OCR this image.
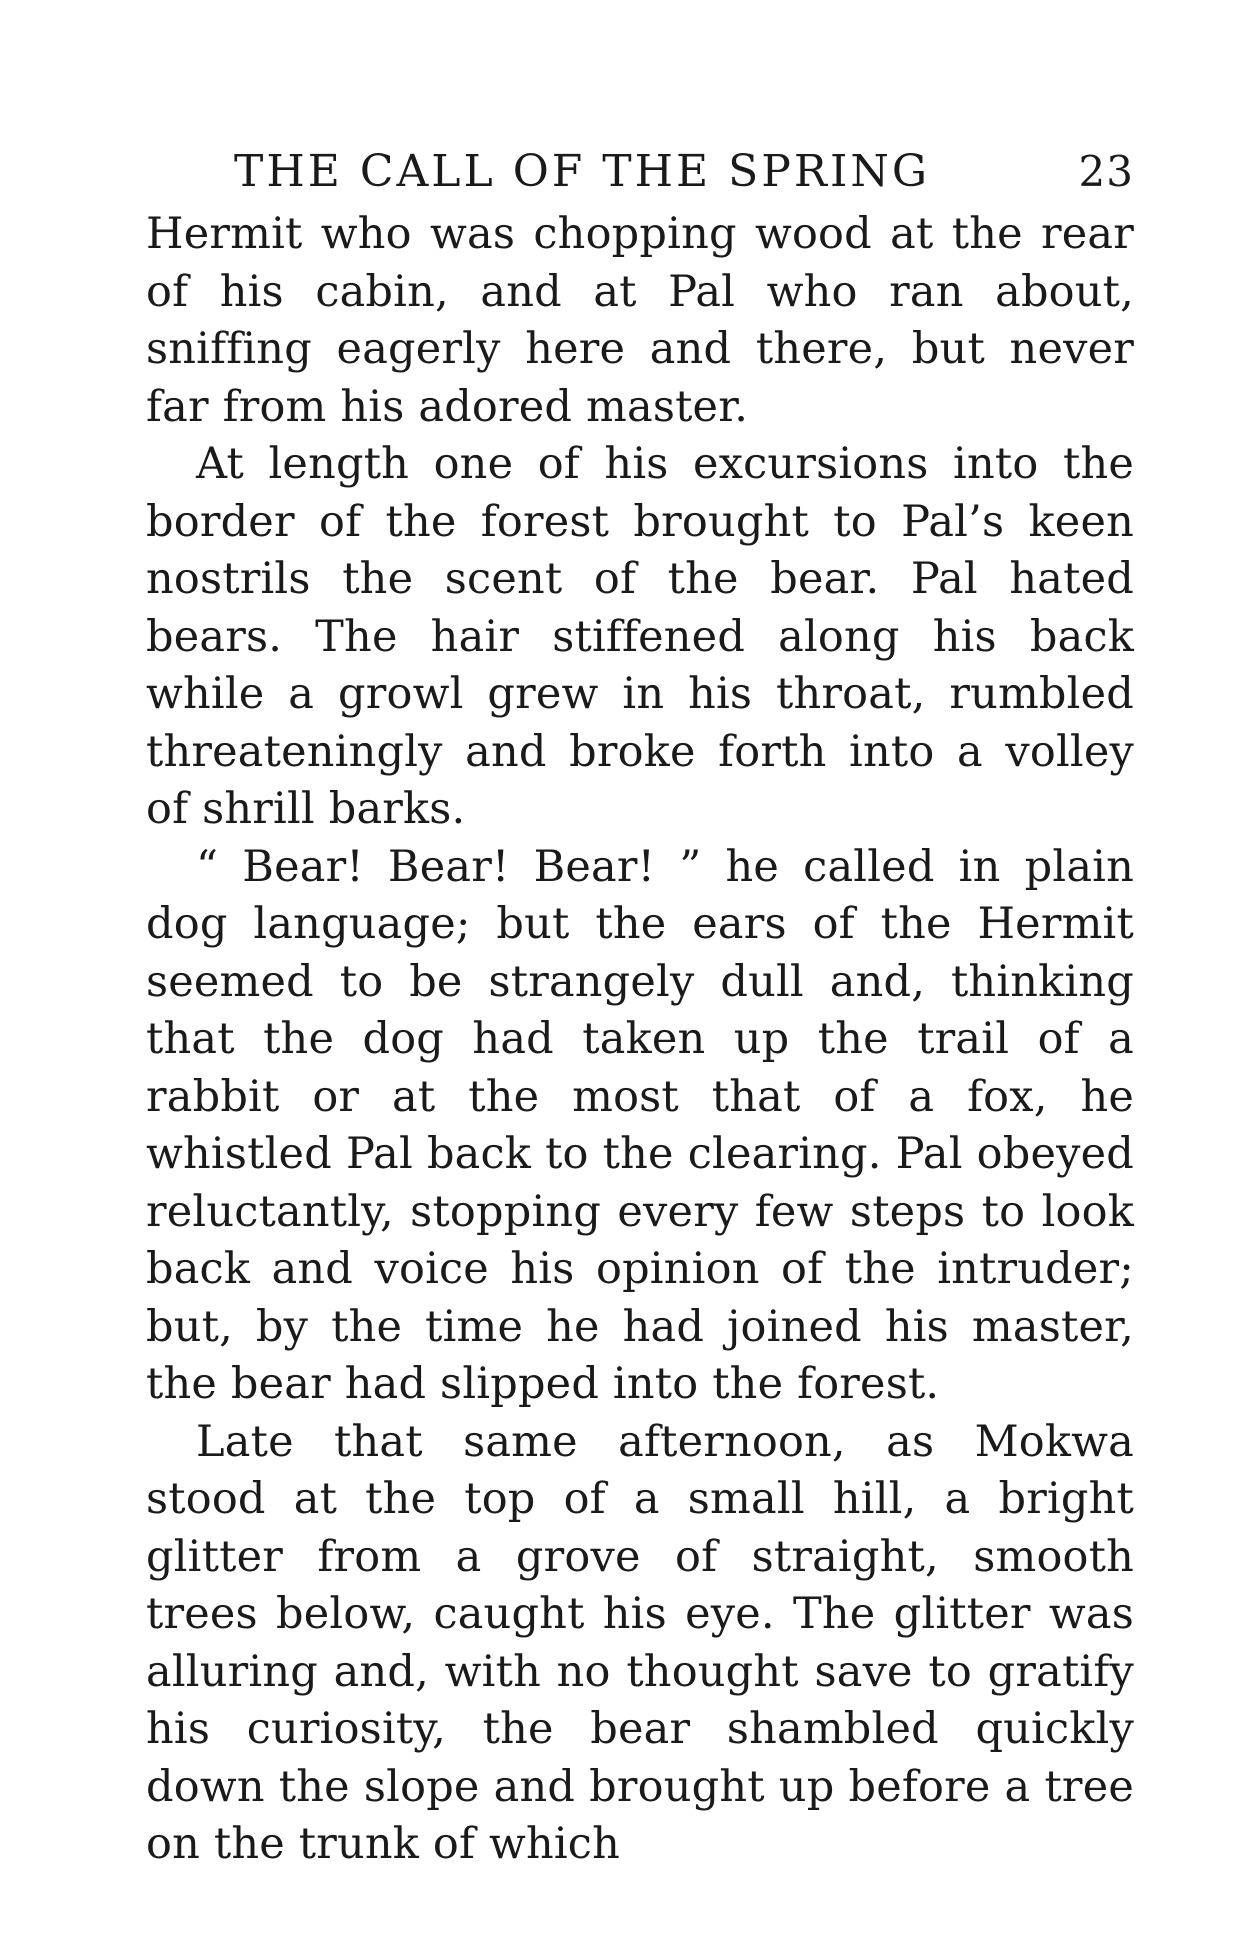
THE CALL OF THE SPRING	23

Hermit who was chopping wood at the rear of his cabin, and at Pal who ran about, sniffing eagerly here and there, but never far from his adored master.

At length one of his excursions into the border of the forest brought to Pal’s keen nostrils the scent of the bear. Pal hated bears. The hair stiffened along his back while a growl grew in his throat, rumbled threateningly and broke forth into a volley of shrill barks.

“ Bear! Bear! Bear! ” he called in plain dog language; but the ears of the Hermit seemed to be strangely dull and, thinking that the dog had taken up the trail of a rabbit or at the most that of a fox, he whistled Pal back to the clearing. Pal obeyed reluctantly, stopping every few steps to look back and voice his opinion of the intruder; but, by the time he had joined his master, the bear had slipped into the forest.

Late that same afternoon, as Mokwa stood at the top of a small hill, a bright glitter from a grove of straight, smooth trees below, caught his eye. The glitter was alluring and, with no thought save to gratify his curiosity, the bear shambled quickly down the slope and brought up before a tree on the trunk of which
